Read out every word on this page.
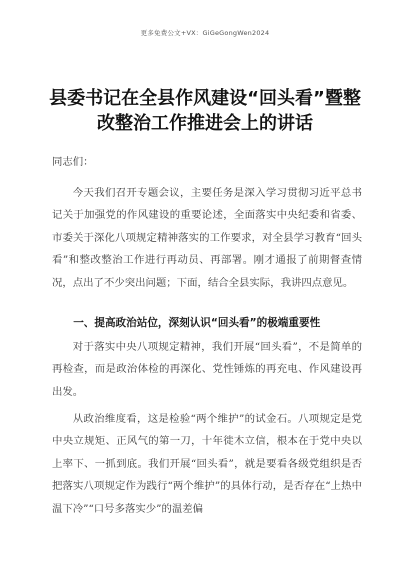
更多免费公文+VX：GiGeGongWen2024
县委书记在全县作风建设“回头看”暨整
改整治工作推进会上的讲话
同志们：
今天我们召开专题会议，主要任务是深入学习贯彻习近平总书记关于加强党的作风建设的重要论述，全面落实中央纪委和省委、市委关于深化八项规定精神落实的工作要求，对全县学习教育“回头看”和整改整治工作进行再动员、再部署。刚才通报了前期督查情况，点出了不少突出问题；下面，结合全县实际，我讲四点意见。
一、提高政治站位，深刻认识“回头看”的极端重要性
对于落实中央八项规定精神，我们开展“回头看”，不是简单的再检查，而是政治体检的再深化、党性锤炼的再充电、作风建设再出发。
从政治维度看，这是检验“两个维护”的试金石。八项规定是党中央立规矩、正风气的第一刀，十年徙木立信，根本在于党中央以上率下、一抓到底。我们开展“回头看”，就是要看各级党组织是否把落实八项规定作为践行“两个维护”的具体行动，是否存在“上热中温下冷”“口号多落实少”的温差偏
